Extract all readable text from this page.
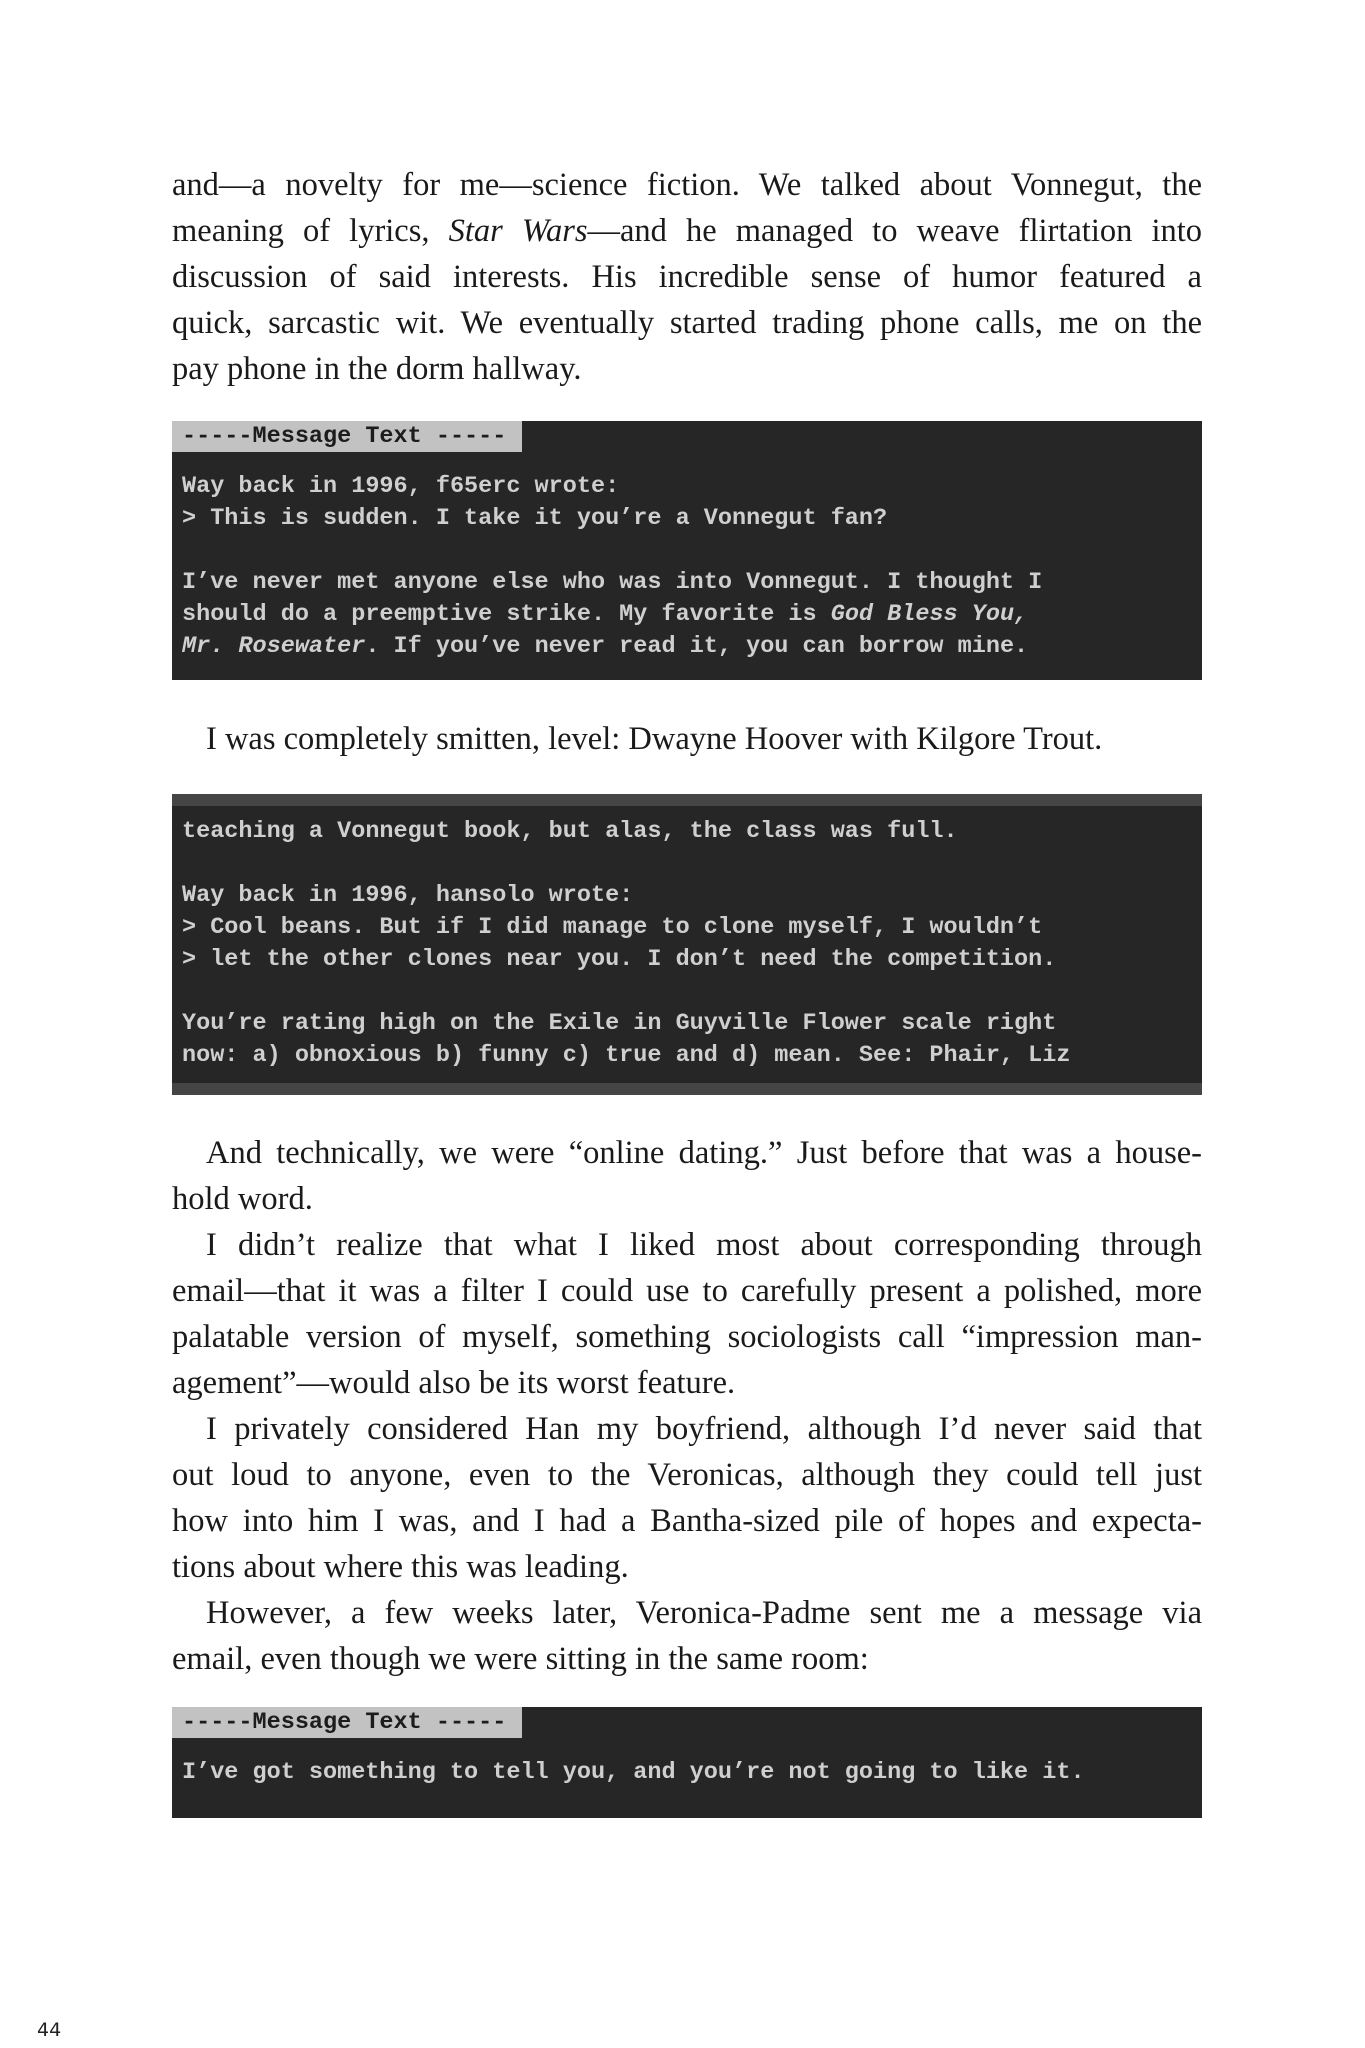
and—a novelty for me—science fiction. We talked about Vonnegut, the
meaning of lyrics, Star Wars—and he managed to weave flirtation into
discussion of said interests. His incredible sense of humor featured a
quick, sarcastic wit. We eventually started trading phone calls, me on the
pay phone in the dorm hallway.
-----Message Text -----
Way back in 1996, f65erc wrote:
> This is sudden. I take it you’re a Vonnegut fan?
I’ve never met anyone else who was into Vonnegut. I thought I
should do a preemptive strike. My favorite is God Bless You,
Mr. Rosewater. If you’ve never read it, you can borrow mine.

I was completely smitten, level: Dwayne Hoover with Kilgore Trout.

teaching a Vonnegut book, but alas, the class was full.
Way back in 1996, hansolo wrote:
> Cool beans. But if I did manage to clone myself, I wouldn’t
> let the other clones near you. I don’t need the competition.
You’re rating high on the Exile in Guyville Flower scale right
now: a) obnoxious b) funny c) true and d) mean. See: Phair, Liz
And technically, we were “online dating.” Just before that was a house-
hold word.
I didn’t realize that what I liked most about corresponding through
email—that it was a filter I could use to carefully present a polished, more
palatable version of myself, something sociologists call “impression man-
agement”—would also be its worst feature.
I privately considered Han my boyfriend, although I’d never said that
out loud to anyone, even to the Veronicas, although they could tell just
how into him I was, and I had a Bantha-sized pile of hopes and expecta-
tions about where this was leading.
However, a few weeks later, Veronica-Padme sent me a message via
email, even though we were sitting in the same room:
-----Message Text -----
I’ve got something to tell you, and you’re not going to like it.
44
